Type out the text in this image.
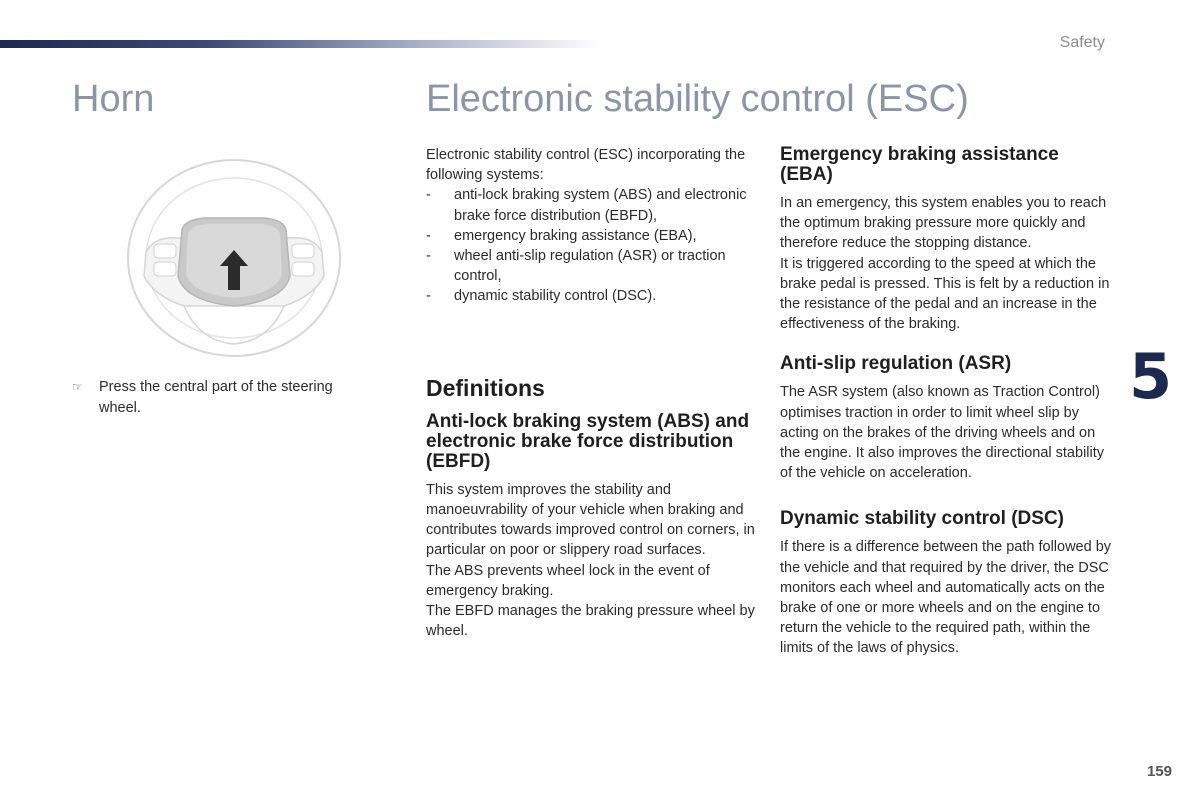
Safety
Horn	Electronic stability control (ESC)
☞	Press the central part of the steering wheel.

Electronic stability control (ESC) incorporating the following systems:

- anti-lock braking system (ABS) and electronic brake force distribution (EBFD),
- emergency braking assistance (EBA),
- wheel anti-slip regulation (ASR) or traction control,
- dynamic stability control (DSC).
Definitions
Anti-lock braking system (ABS) and electronic brake force distribution (EBFD)

This system improves the stability and manoeuvrability of your vehicle when braking and contributes towards improved control on corners, in particular on poor or slippery road surfaces.

The ABS prevents wheel lock in the event of emergency braking.

The EBFD manages the braking pressure wheel by wheel.

Emergency braking assistance (EBA)

In an emergency, this system enables you to reach the optimum braking pressure more quickly and therefore reduce the stopping distance.

It is triggered according to the speed at which the brake pedal is pressed. This is felt by a reduction in the resistance of the pedal and an increase in the effectiveness of the braking.

Anti-slip regulation (ASR)

The ASR system (also known as Traction Control) optimises traction in order to limit wheel slip by acting on the brakes of the driving wheels and on the engine. It also improves the directional stability of the vehicle on acceleration.

Dynamic stability control (DSC)

If there is a difference between the path followed by the vehicle and that required by the driver, the DSC monitors each wheel and automatically acts on the brake of one or more wheels and on the engine to return the vehicle to the required path, within the limits of the laws of physics.

5
159
